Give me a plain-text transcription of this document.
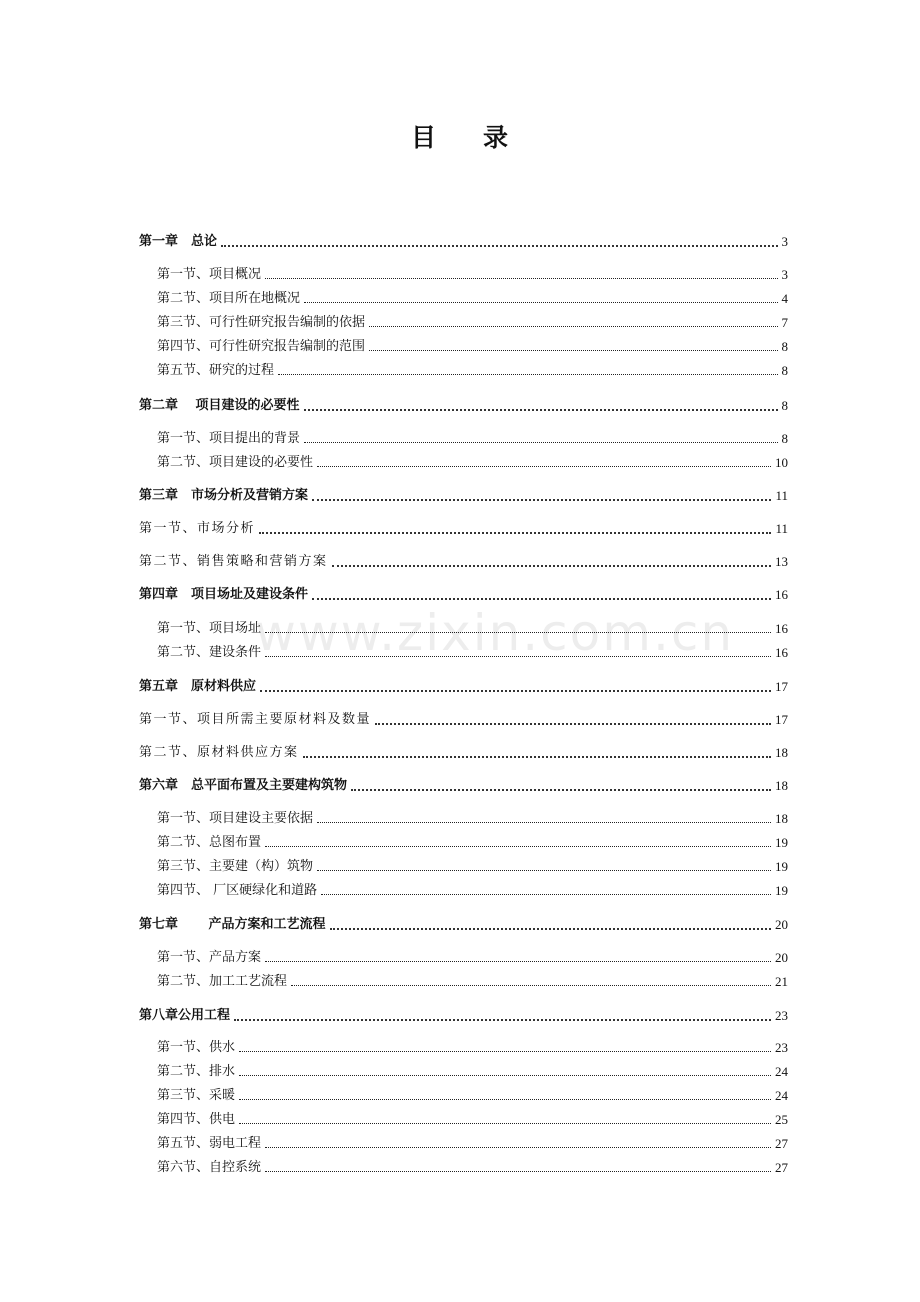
目 录
www.zixin.com.cn
第一章　总论	3
第一节、项目概况	3
第二节、项目所在地概况	4
第三节、可行性研究报告编制的依据	7
第四节、可行性研究报告编制的范围	8
第五节、研究的过程	8
第二章　 项目建设的必要性	8
第一节、项目提出的背景	8
第二节、项目建设的必要性	10
第三章　市场分析及营销方案	11
第一节、市场分析	11
第二节、销售策略和营销方案	13
第四章　项目场址及建设条件	16
第一节、项目场址	16
第二节、建设条件	16
第五章　原材料供应	17
第一节、项目所需主要原材料及数量	17
第二节、原材料供应方案	18
第六章　总平面布置及主要建构筑物	18
第一节、项目建设主要依据	18
第二节、总图布置	19
第三节、主要建（构）筑物	19
第四节、 厂区硬绿化和道路	19
第七章　　 产品方案和工艺流程	20
第一节、产品方案	20
第二节、加工工艺流程	21
第八章公用工程	23
第一节、供水	23
第二节、排水	24
第三节、采暖	24
第四节、供电	25
第五节、弱电工程	27
第六节、自控系统	27
